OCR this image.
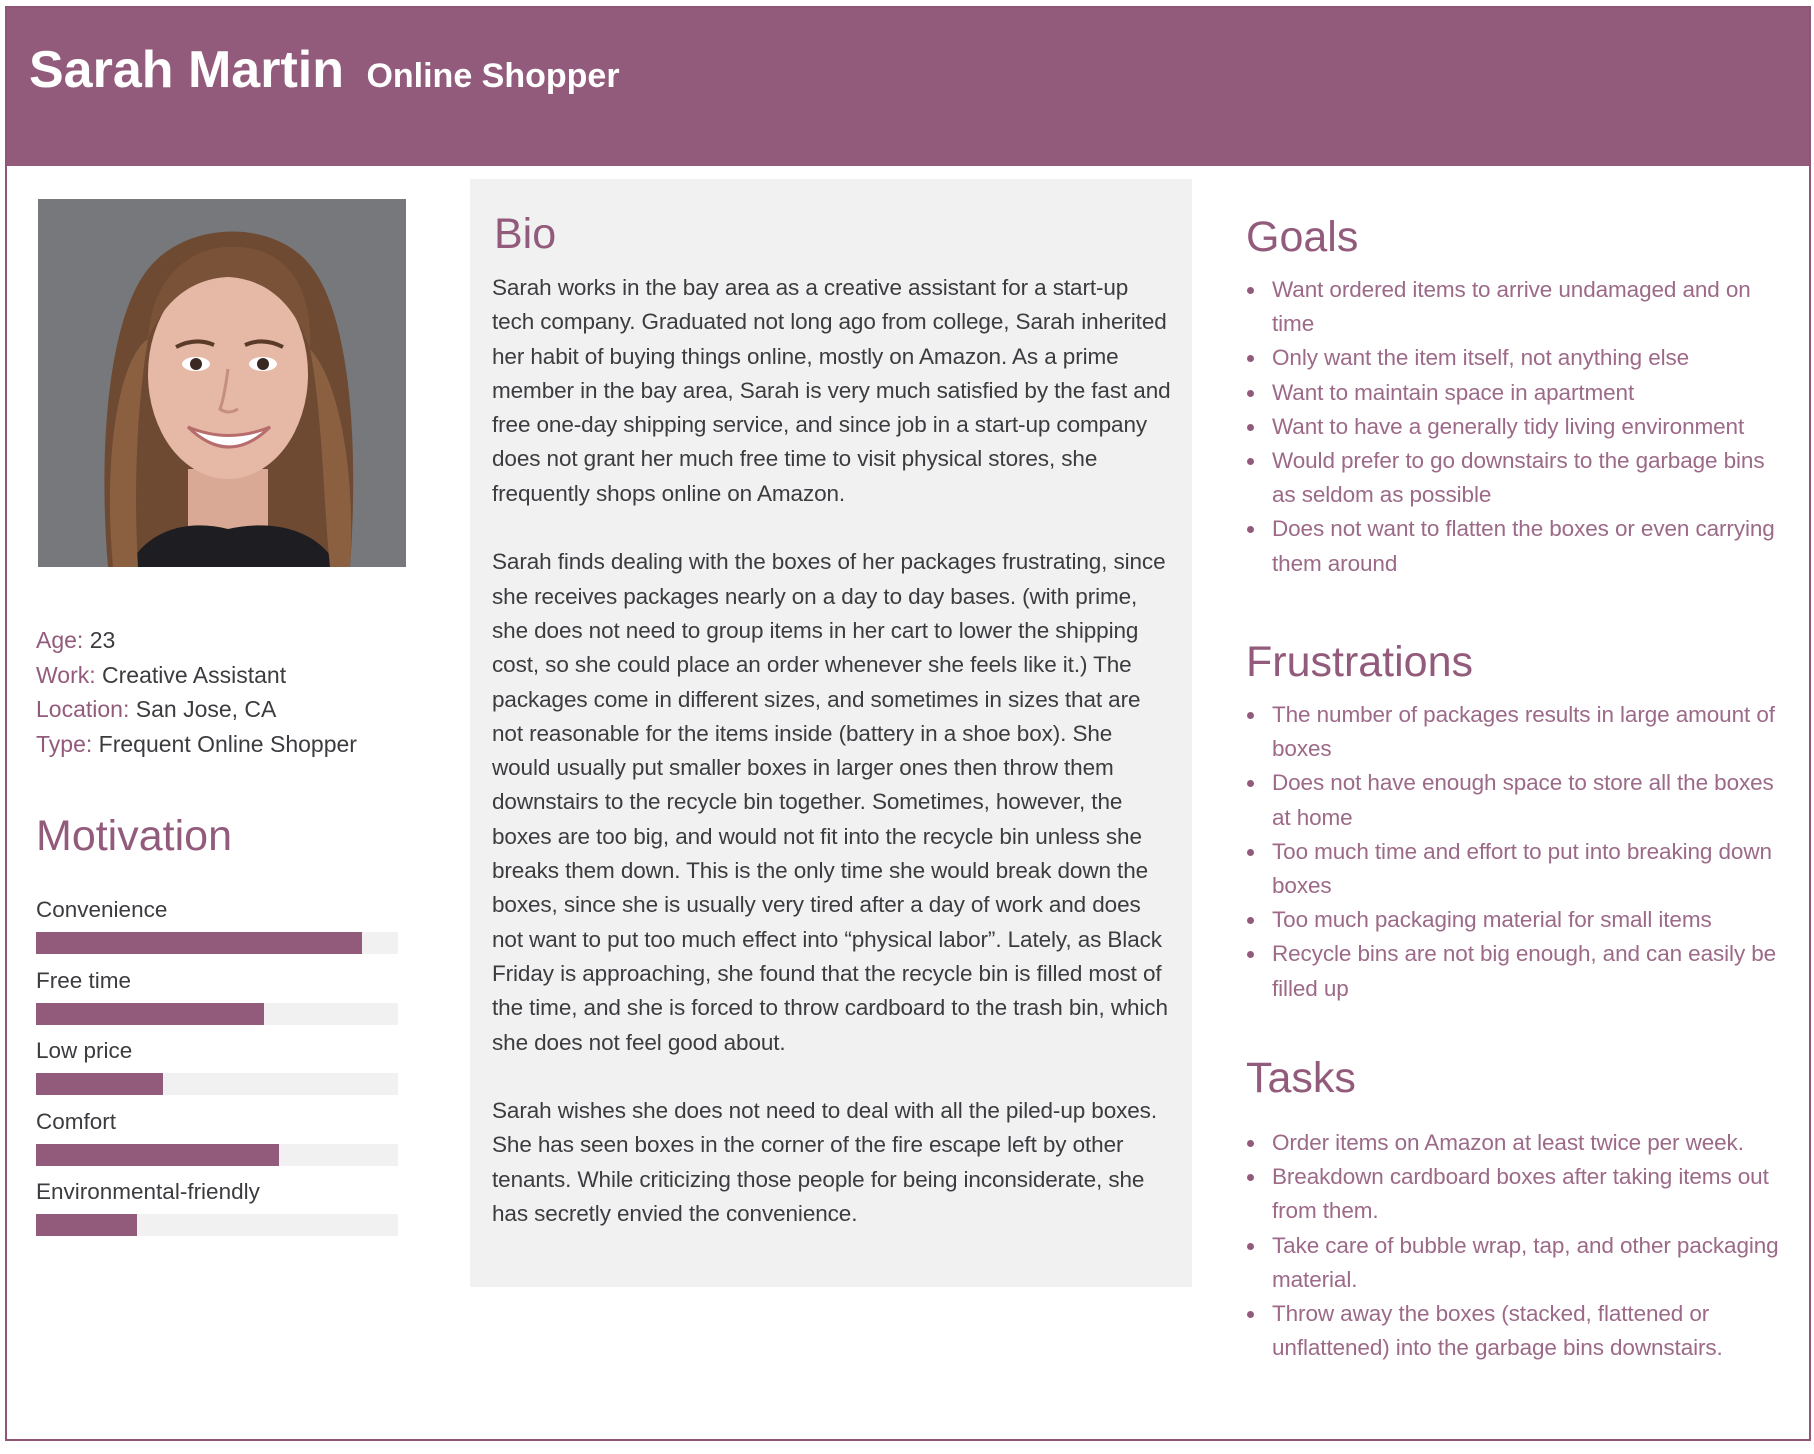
Sarah Martin Online Shopper
Age: 23
Work: Creative Assistant
Location: San Jose, CA
Type: Frequent Online Shopper
Motivation
Convenience
Free time
Low price
Comfort
Environmental-friendly
Bio

Sarah works in the bay area as a creative assistant for a start-up tech company. Graduated not long ago from college, Sarah inherited her habit of buying things online, mostly on Amazon. As a prime member in the bay area, Sarah is very much satisfied by the fast and free one-day shipping service, and since job in a start-up company does not grant her much free time to visit physical stores, she frequently shops online on Amazon.

Sarah finds dealing with the boxes of her packages frustrating, since she receives packages nearly on a day to day bases. (with prime, she does not need to group items in her cart to lower the shipping cost, so she could place an order whenever she feels like it.) The packages come in different sizes, and sometimes in sizes that are not reasonable for the items inside (battery in a shoe box). She would usually put smaller boxes in larger ones then throw them downstairs to the recycle bin together. Sometimes, however, the boxes are too big, and would not fit into the recycle bin unless she breaks them down. This is the only time she would break down the boxes, since she is usually very tired after a day of work and does not want to put too much effect into “physical labor”. Lately, as Black Friday is approaching, she found that the recycle bin is filled most of the time, and she is forced to throw cardboard to the trash bin, which she does not feel good about.

Sarah wishes she does not need to deal with all the piled-up boxes. She has seen boxes in the corner of the fire escape left by other tenants. While criticizing those people for being inconsiderate, she has secretly envied the convenience.

Goals
Want ordered items to arrive undamaged and on time
Only want the item itself, not anything else
Want to maintain space in apartment
Want to have a generally tidy living environment
Would prefer to go downstairs to the garbage bins as seldom as possible
Does not want to flatten the boxes or even carrying them around
Frustrations
The number of packages results in large amount of boxes
Does not have enough space to store all the boxes at home
Too much time and effort to put into breaking down boxes
Too much packaging material for small items
Recycle bins are not big enough, and can easily be filled up
Tasks
Order items on Amazon at least twice per week.
Breakdown cardboard boxes after taking items out from them.
Take care of bubble wrap, tap, and other packaging material.
Throw away the boxes (stacked, flattened or unflattened) into the garbage bins downstairs.
